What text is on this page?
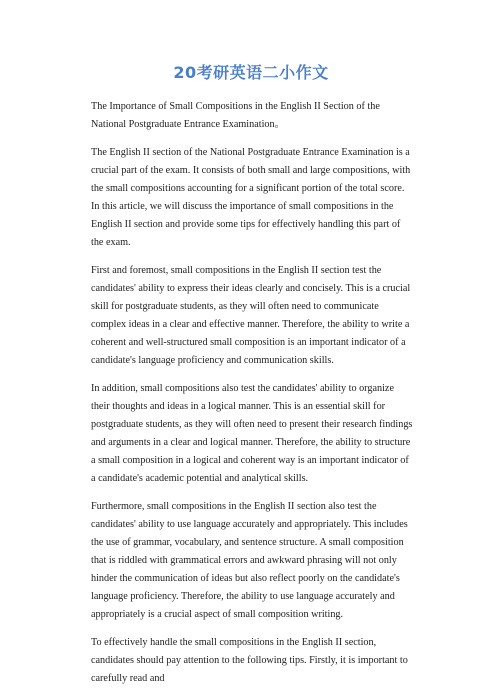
20考研英语二小作文

The Importance of Small Compositions in the English II Section of the National Postgraduate Entrance Examination。

The English II section of the National Postgraduate Entrance Examination is a crucial part of the exam. It consists of both small and large compositions, with the small compositions accounting for a significant portion of the total score. In this article, we will discuss the importance of small compositions in the English II section and provide some tips for effectively handling this part of the exam.

First and foremost, small compositions in the English II section test the candidates' ability to express their ideas clearly and concisely. This is a crucial skill for postgraduate students, as they will often need to communicate complex ideas in a clear and effective manner. Therefore, the ability to write a coherent and well-structured small composition is an important indicator of a candidate's language proficiency and communication skills.

In addition, small compositions also test the candidates' ability to organize their thoughts and ideas in a logical manner. This is an essential skill for postgraduate students, as they will often need to present their research findings and arguments in a clear and logical manner. Therefore, the ability to structure a small composition in a logical and coherent way is an important indicator of a candidate's academic potential and analytical skills.

Furthermore, small compositions in the English II section also test the candidates' ability to use language accurately and appropriately. This includes the use of grammar, vocabulary, and sentence structure. A small composition that is riddled with grammatical errors and awkward phrasing will not only hinder the communication of ideas but also reflect poorly on the candidate's language proficiency. Therefore, the ability to use language accurately and appropriately is a crucial aspect of small composition writing.

To effectively handle the small compositions in the English II section, candidates should pay attention to the following tips. Firstly, it is important to carefully read and
